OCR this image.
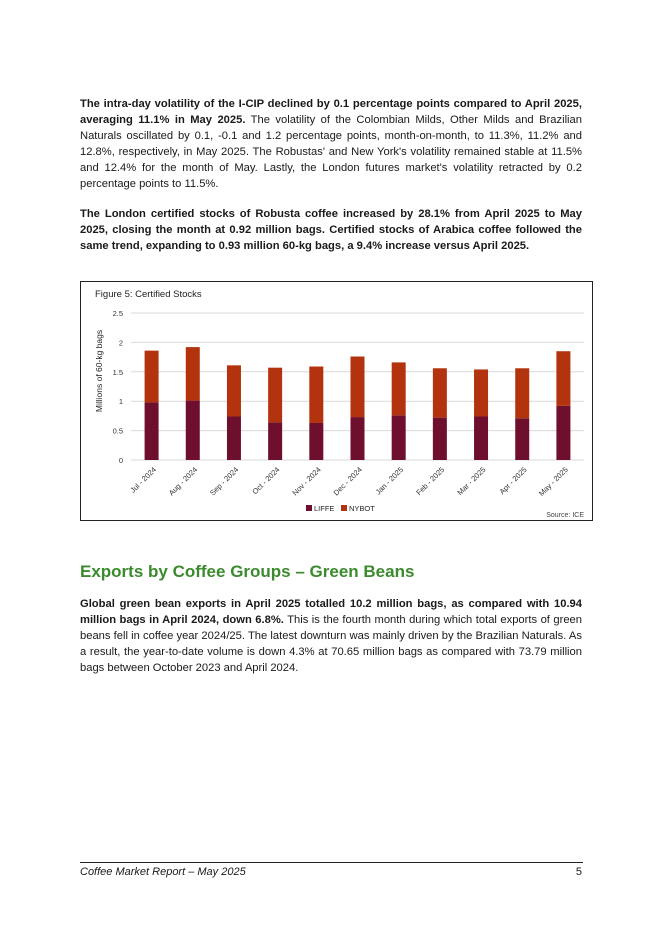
The intra-day volatility of the I-CIP declined by 0.1 percentage points compared to April 2025, averaging 11.1% in May 2025. The volatility of the Colombian Milds, Other Milds and Brazilian Naturals oscillated by 0.1, -0.1 and 1.2 percentage points, month-on-month, to 11.3%, 11.2% and 12.8%, respectively, in May 2025. The Robustas' and New York's volatility remained stable at 11.5% and 12.4% for the month of May. Lastly, the London futures market's volatility retracted by 0.2 percentage points to 11.5%.

The London certified stocks of Robusta coffee increased by 28.1% from April 2025 to May 2025, closing the month at 0.92 million bags. Certified stocks of Arabica coffee followed the same trend, expanding to 0.93 million 60-kg bags, a 9.4% increase versus April 2025.

Figure 5: Certified Stocks
Millions of 60-kg bags
0
0.5
1
1.5
2
2.5
Jul - 2024 Aug - 2024 Sep - 2024 Oct - 2024 Nov - 2024 Dec - 2024 Jan - 2025 Feb - 2025 Mar - 2025 Apr - 2025 May - 2025
LIFFE NYBOT
Source: ICE
Exports by Coffee Groups – Green Beans

Global green bean exports in April 2025 totalled 10.2 million bags, as compared with 10.94 million bags in April 2024, down 6.8%. This is the fourth month during which total exports of green beans fell in coffee year 2024/25. The latest downturn was mainly driven by the Brazilian Naturals. As a result, the year-to-date volume is down 4.3% at 70.65 million bags as compared with 73.79 million bags between October 2023 and April 2024.

Coffee Market Report – May 2025	5
